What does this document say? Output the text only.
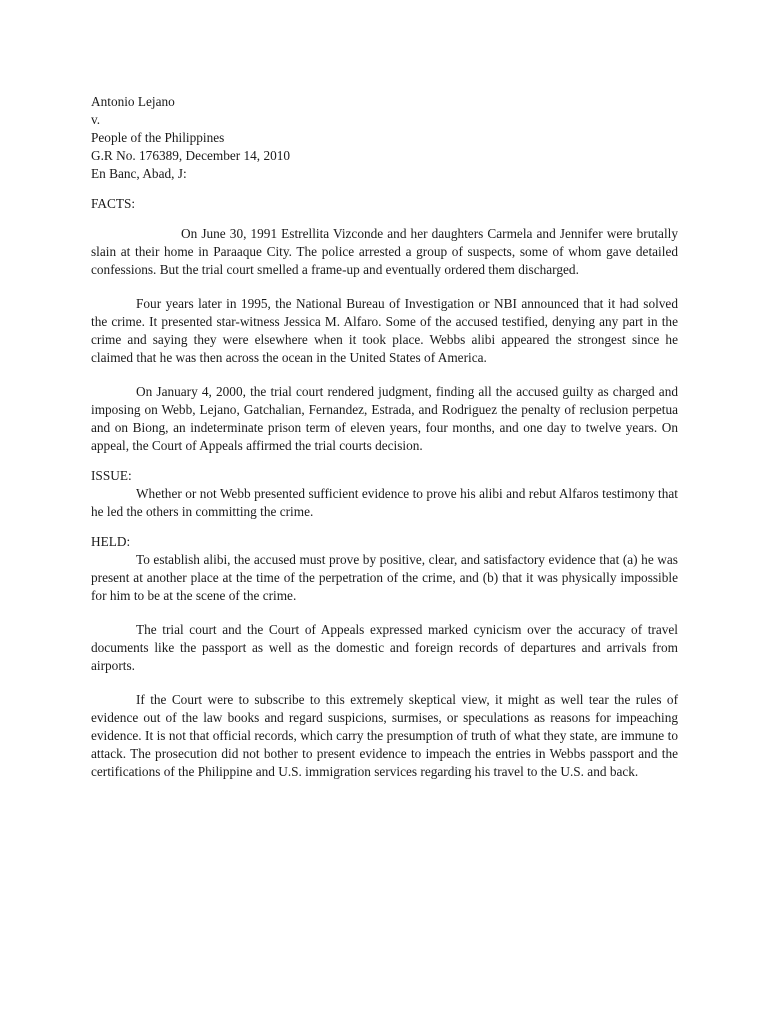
Antonio Lejano
v.
People of the Philippines
G.R No. 176389, December 14, 2010
En Banc, Abad, J:
FACTS:

On June 30, 1991 Estrellita Vizconde and her daughters Carmela and Jennifer were brutally slain at their home in Paraaque City. The police arrested a group of suspects, some of whom gave detailed confessions. But the trial court smelled a frame-up and eventually ordered them discharged.

Four years later in 1995, the National Bureau of Investigation or NBI announced that it had solved the crime. It presented star-witness Jessica M. Alfaro. Some of the accused testified, denying any part in the crime and saying they were elsewhere when it took place. Webbs alibi appeared the strongest since he claimed that he was then across the ocean in the United States of America.

On January 4, 2000, the trial court rendered judgment, finding all the accused guilty as charged and imposing on Webb, Lejano, Gatchalian, Fernandez, Estrada, and Rodriguez the penalty of reclusion perpetua and on Biong, an indeterminate prison term of eleven years, four months, and one day to twelve years. On appeal, the Court of Appeals affirmed the trial courts decision.

ISSUE:

Whether or not Webb presented sufficient evidence to prove his alibi and rebut Alfaros testimony that he led the others in committing the crime.

HELD:

To establish alibi, the accused must prove by positive, clear, and satisfactory evidence that (a) he was present at another place at the time of the perpetration of the crime, and (b) that it was physically impossible for him to be at the scene of the crime.

The trial court and the Court of Appeals expressed marked cynicism over the accuracy of travel documents like the passport as well as the domestic and foreign records of departures and arrivals from airports.

If the Court were to subscribe to this extremely skeptical view, it might as well tear the rules of evidence out of the law books and regard suspicions, surmises, or speculations as reasons for impeaching evidence. It is not that official records, which carry the presumption of truth of what they state, are immune to attack. The prosecution did not bother to present evidence to impeach the entries in Webbs passport and the certifications of the Philippine and U.S. immigration services regarding his travel to the U.S. and back.
